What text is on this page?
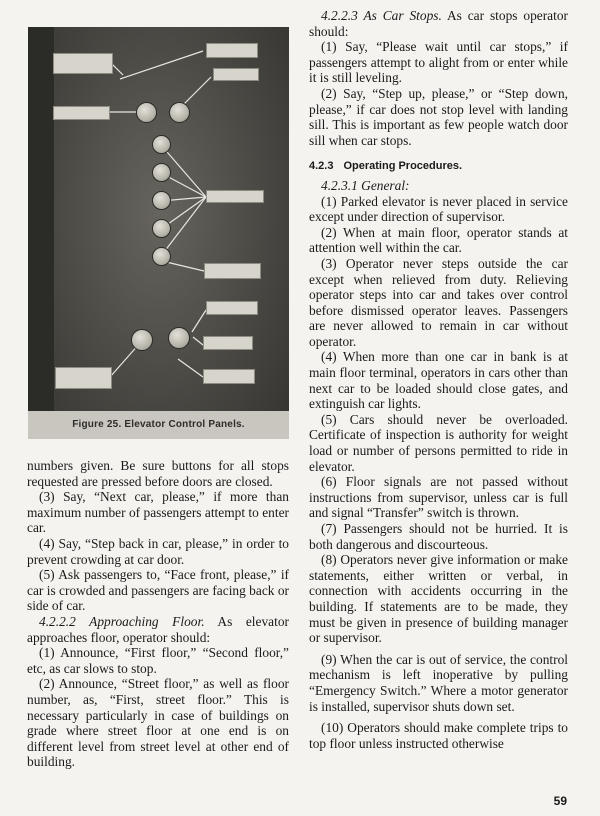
Figure 25. Elevator Control Panels.

numbers given. Be sure buttons for all stops requested are pressed before doors are closed.

(3) Say, “Next car, please,” if more than maximum number of passengers attempt to enter car.

(4) Say, “Step back in car, please,” in order to prevent crowding at car door.

(5) Ask passengers to, “Face front, please,” if car is crowded and passengers are facing back or side of car.

4.2.2.2 Approaching Floor. As elevator approaches floor, operator should:

(1) Announce, “First floor,” “Second floor,” etc, as car slows to stop.

(2) Announce, “Street floor,” as well as floor number, as, “First, street floor.” This is necessary particularly in case of buildings on grade where street floor at one end is on different level from street level at other end of building.

4.2.2.3 As Car Stops. As car stops operator should:

(1) Say, “Please wait until car stops,” if passengers attempt to alight from or enter while it is still leveling.

(2) Say, “Step up, please,” or “Step down, please,” if car does not stop level with landing sill. This is important as few people watch door sill when car stops.

4.2.3 Operating Procedures.

4.2.3.1 General:

(1) Parked elevator is never placed in service except under direction of supervisor.

(2) When at main floor, operator stands at attention well within the car.

(3) Operator never steps outside the car except when relieved from duty. Relieving operator steps into car and takes over control before dismissed operator leaves. Passengers are never allowed to remain in car without operator.

(4) When more than one car in bank is at main floor terminal, operators in cars other than next car to be loaded should close gates, and extinguish car lights.

(5) Cars should never be overloaded. Certificate of inspection is authority for weight load or number of persons permitted to ride in elevator.

(6) Floor signals are not passed without instructions from supervisor, unless car is full and signal “Transfer” switch is thrown.

(7) Passengers should not be hurried. It is both dangerous and discourteous.

(8) Operators never give information or make statements, either written or verbal, in connection with accidents occurring in the building. If statements are to be made, they must be given in presence of building manager or supervisor.

(9) When the car is out of service, the control mechanism is left inoperative by pulling “Emergency Switch.” Where a motor generator is installed, supervisor shuts down set.

(10) Operators should make complete trips to top floor unless instructed otherwise

59
